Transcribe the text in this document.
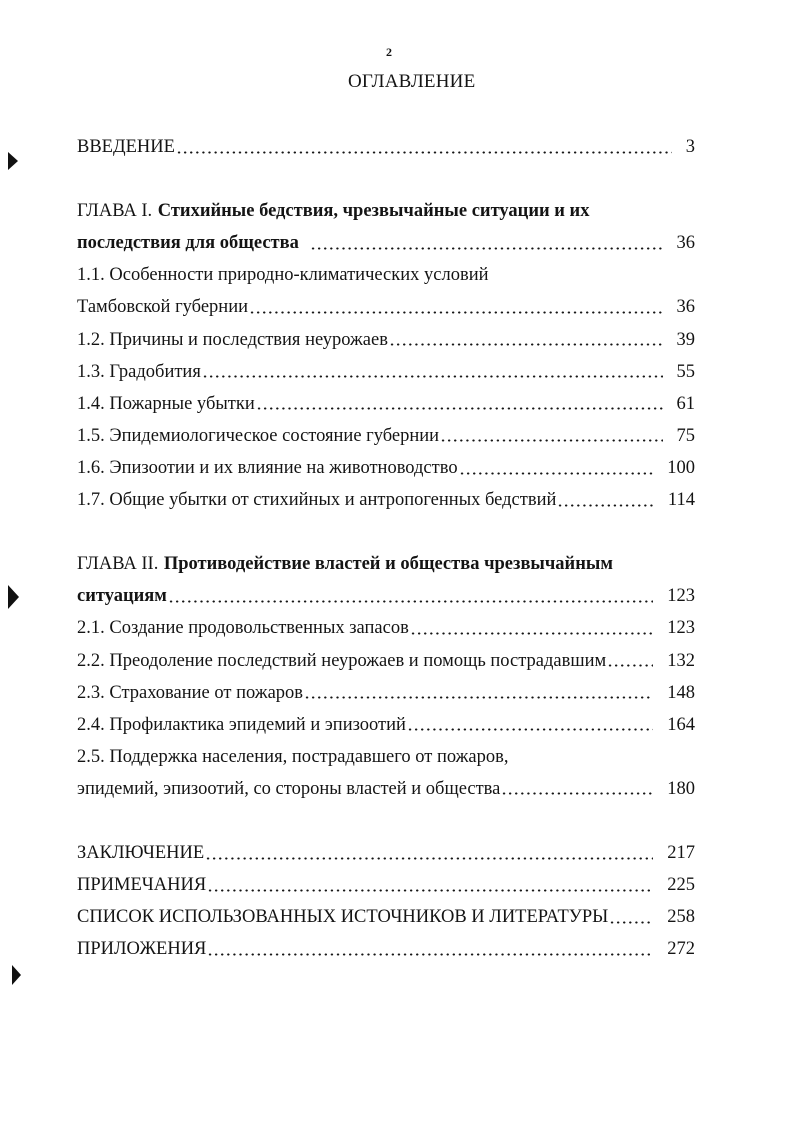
2
ОГЛАВЛЕНИЕ
ВВЕДЕНИЕ	3
ГЛАВА I. Стихийные бедствия, чрезвычайные ситуации и их
последствия для общества	36
1.1. Особенности природно-климатических условий
Тамбовской губернии	36
1.2. Причины и последствия неурожаев	39
1.3. Градобития	55
1.4. Пожарные убытки	61
1.5. Эпидемиологическое состояние губернии	75
1.6. Эпизоотии и их влияние на животноводство	100
1.7. Общие убытки от стихийных и антропогенных бедствий	114
ГЛАВА II. Противодействие властей и общества чрезвычайным
ситуациям	123
2.1. Создание продовольственных запасов	123
2.2. Преодоление последствий неурожаев и помощь пострадавшим	132
2.3. Страхование от пожаров	148
2.4. Профилактика эпидемий и эпизоотий	164
2.5. Поддержка населения, пострадавшего от пожаров,
эпидемий, эпизоотий, со стороны властей и общества	180
ЗАКЛЮЧЕНИЕ	217
ПРИМЕЧАНИЯ	225
СПИСОК ИСПОЛЬЗОВАННЫХ ИСТОЧНИКОВ И ЛИТЕРАТУРЫ	258
ПРИЛОЖЕНИЯ	272
